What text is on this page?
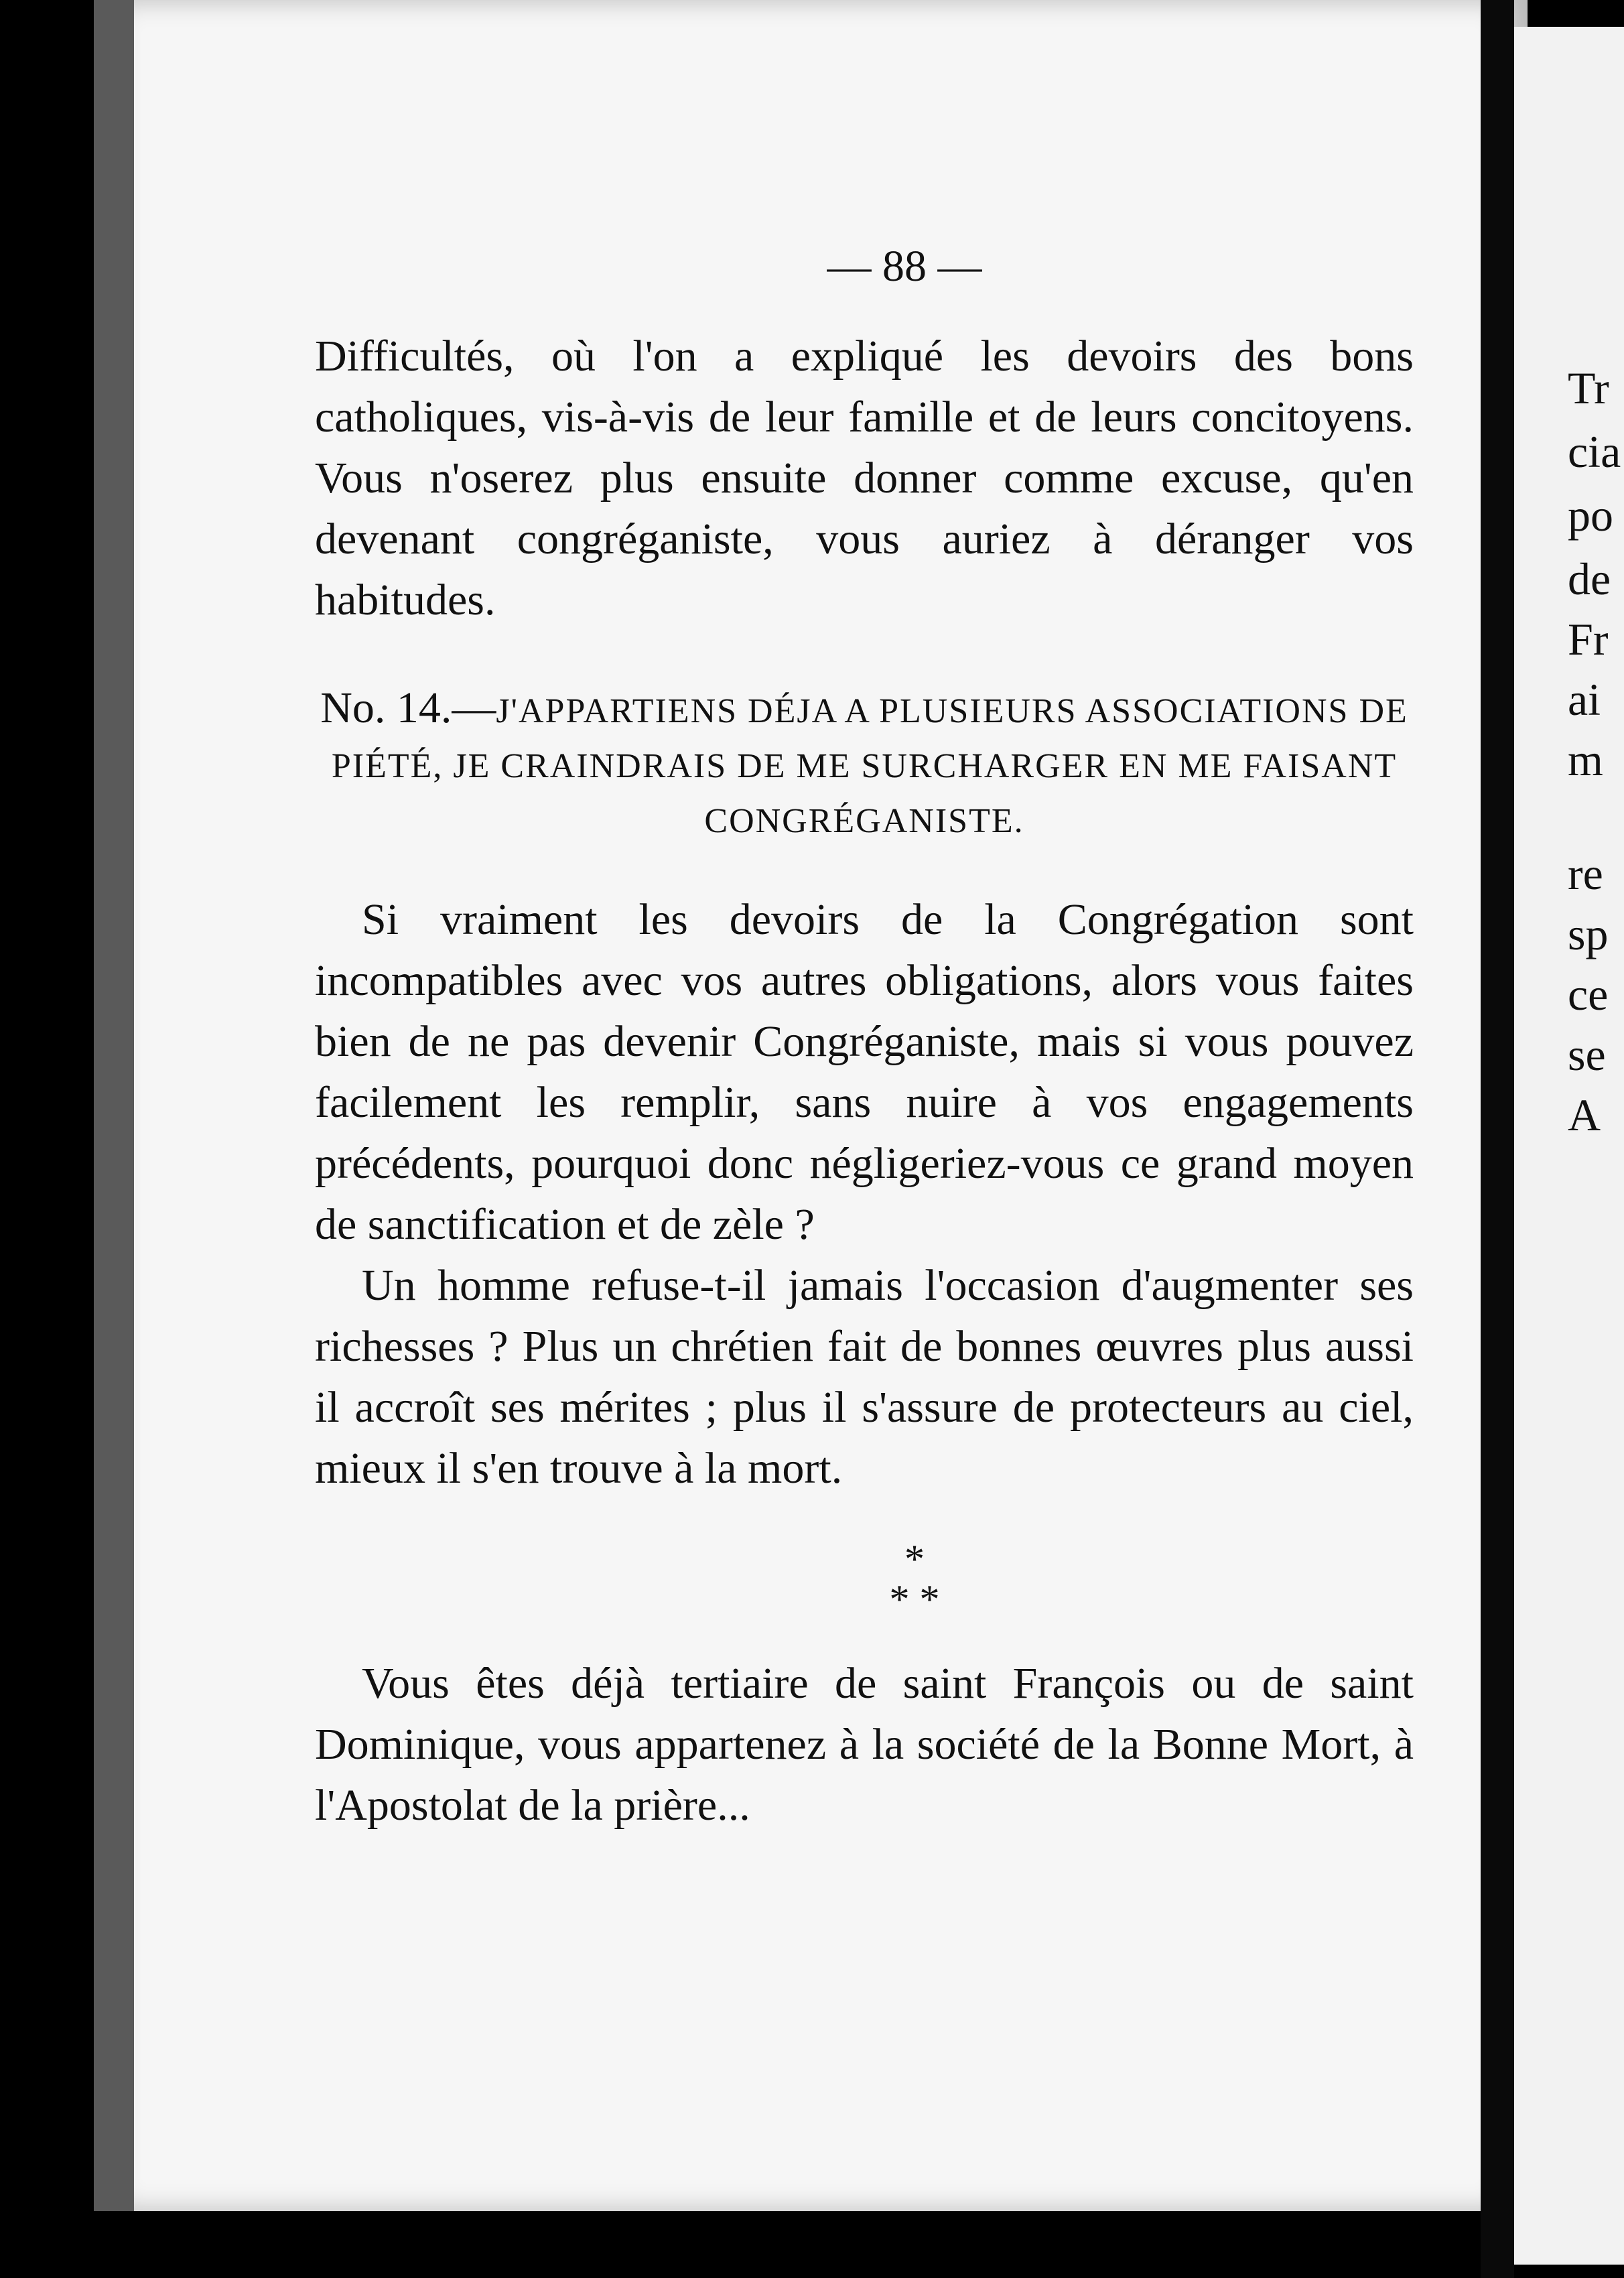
Tr
cia
po
de
Fr
ai
m
re
sp
ce
se
A
— 88 —

Difficultés, où l'on a expliqué les devoirs des bons catholiques, vis-à-vis de leur famille et de leurs concitoyens. Vous n'oserez plus ensuite donner comme excuse, qu'en devenant congréganiste, vous auriez à déranger vos habitudes.

No. 14.—J'APPARTIENS DÉJA A PLUSIEURS ASSOCIATIONS DE PIÉTÉ, JE CRAINDRAIS DE ME SURCHARGER EN ME FAISANT CONGRÉGANISTE.

Si vraiment les devoirs de la Congrégation sont incompatibles avec vos autres obligations, alors vous faites bien de ne pas devenir Congréganiste, mais si vous pouvez facilement les remplir, sans nuire à vos engagements précédents, pourquoi donc négligeriez-vous ce grand moyen de sanctification et de zèle ?

Un homme refuse-t-il jamais l'occasion d'augmenter ses richesses ? Plus un chrétien fait de bonnes œuvres plus aussi il accroît ses mérites ; plus il s'assure de protecteurs au ciel, mieux il s'en trouve à la mort.

*
* *

Vous êtes déjà tertiaire de saint François ou de saint Dominique, vous appartenez à la société de la Bonne Mort, à l'Apostolat de la prière...
